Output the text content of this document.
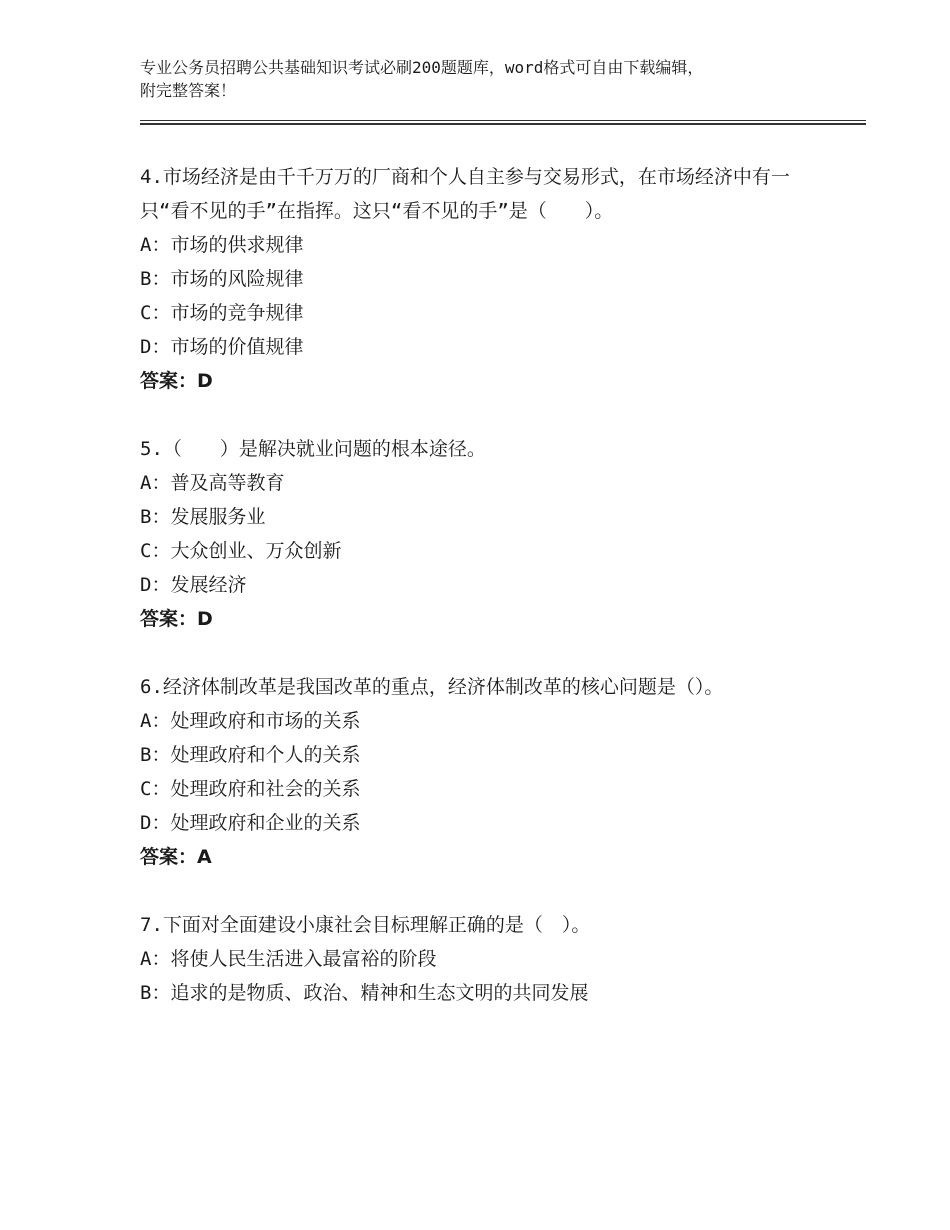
专业公务员招聘公共基础知识考试必刷200题题库，word格式可自由下载编辑，
附完整答案！

4.市场经济是由千千万万的厂商和个人自主参与交易形式，在市场经济中有一只“看不见的手”在指挥。这只“看不见的手”是（　　）。

A：市场的供求规律

B：市场的风险规律

C：市场的竞争规律

D：市场的价值规律

答案：D

5.（　　）是解决就业问题的根本途径。

A：普及高等教育

B：发展服务业

C：大众创业、万众创新

D：发展经济

答案：D

6.经济体制改革是我国改革的重点，经济体制改革的核心问题是（）。

A：处理政府和市场的关系

B：处理政府和个人的关系

C：处理政府和社会的关系

D：处理政府和企业的关系

答案：A

7.下面对全面建设小康社会目标理解正确的是（　）。

A：将使人民生活进入最富裕的阶段

B：追求的是物质、政治、精神和生态文明的共同发展
